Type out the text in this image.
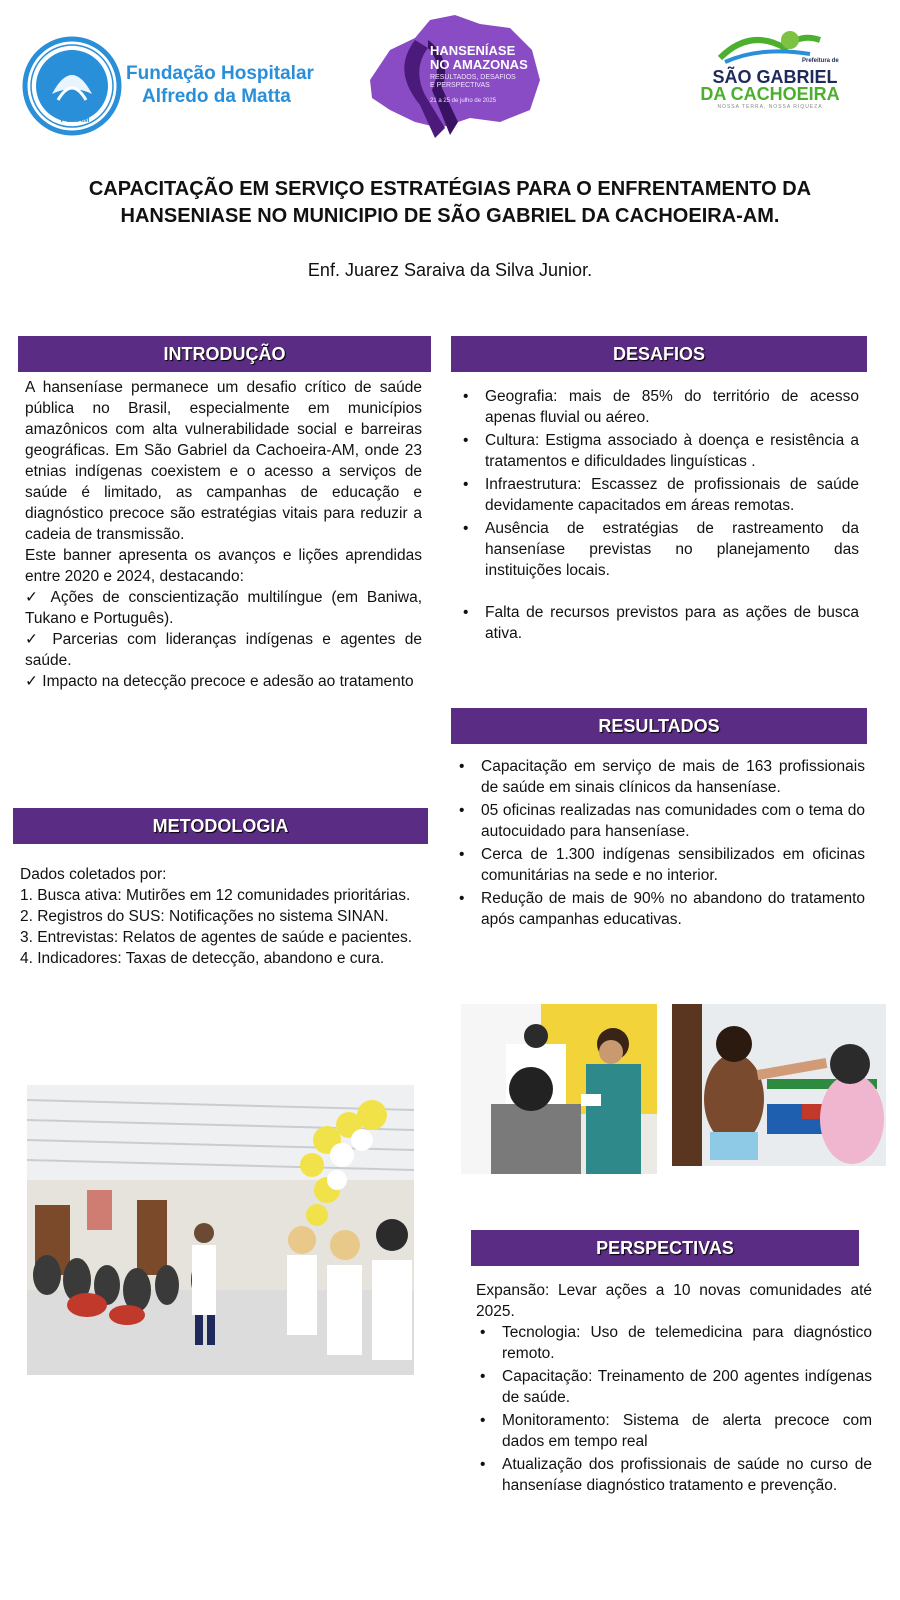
FUHAM
Fundação Hospitalar
Alfredo da Matta
HANSENÍASE
NO AMAZONAS
RESULTADOS, DESAFIOS
E PERSPECTIVAS
21 a 25 de julho de 2025
Prefeitura de
SÃO GABRIEL
DA CACHOEIRA
NOSSA TERRA, NOSSA RIQUEZA
CAPACITAÇÃO EM SERVIÇO ESTRATÉGIAS PARA O ENFRENTAMENTO DA HANSENIASE NO MUNICIPIO DE SÃO GABRIEL DA CACHOEIRA-AM.
Enf. Juarez Saraiva da Silva Junior.
INTRODUÇÃO

A hanseníase permanece um desafio crítico de saúde pública no Brasil, especialmente em municípios amazônicos com alta vulnerabilidade social e barreiras geográficas. Em São Gabriel da Cachoeira-AM, onde 23 etnias indígenas coexistem e o acesso a serviços de saúde é limitado, as campanhas de educação e diagnóstico precoce são estratégias vitais para reduzir a cadeia de transmissão.

Este banner apresenta os avanços e lições aprendidas entre 2020 e 2024, destacando:

✓ Ações de conscientização multilíngue (em Baniwa, Tukano e Português).

✓ Parcerias com lideranças indígenas e agentes de saúde.

✓ Impacto na detecção precoce e adesão ao tratamento

DESAFIOS
• Geografia: mais de 85% do território de acesso apenas fluvial ou aéreo.
• Cultura: Estigma associado à doença e resistência a tratamentos e dificuldades linguísticas .
• Infraestrutura: Escassez de profissionais de saúde devidamente capacitados em áreas remotas.
• Ausência de estratégias de rastreamento da hanseníase previstas no planejamento das instituições locais.
• Falta de recursos previstos para as ações de busca ativa.
METODOLOGIA

Dados coletados por:

1. Busca ativa: Mutirões em 12 comunidades prioritárias.

2. Registros do SUS: Notificações no sistema SINAN.

3. Entrevistas: Relatos de agentes de saúde e pacientes.

4. Indicadores: Taxas de detecção, abandono e cura.

RESULTADOS
• Capacitação em serviço de mais de 163 profissionais de saúde em sinais clínicos da hanseníase.
• 05 oficinas realizadas nas comunidades com o tema do autocuidado para hanseníase.
• Cerca de 1.300 indígenas sensibilizados em oficinas comunitárias na sede e no interior.
• Redução de mais de 90% no abandono do tratamento após campanhas educativas.
PERSPECTIVAS
Expansão: Levar ações a 10 novas comunidades até 2025.
• Tecnologia: Uso de telemedicina para diagnóstico remoto.
• Capacitação: Treinamento de 200 agentes indígenas de saúde.
• Monitoramento: Sistema de alerta precoce com dados em tempo real
• Atualização dos profissionais de saúde no curso de hanseníase diagnóstico tratamento e prevenção.
